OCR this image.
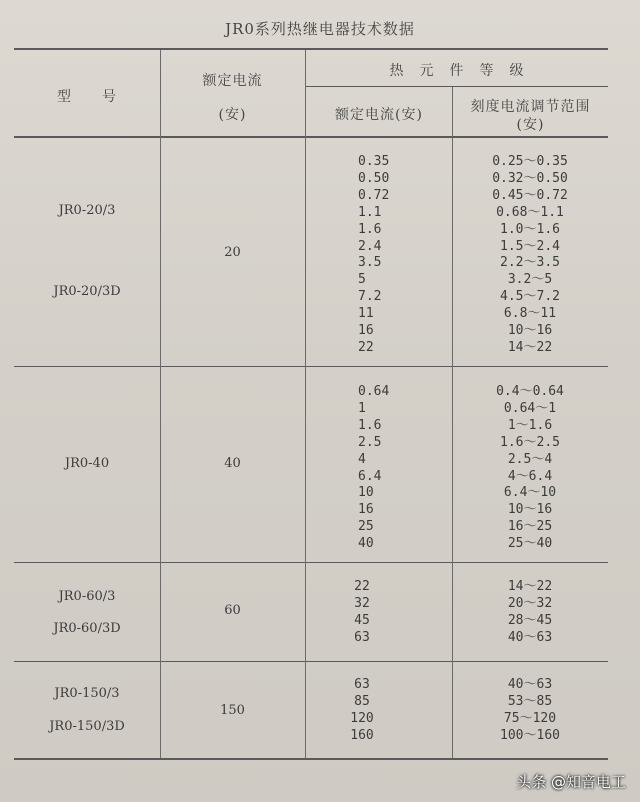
JR0系列热继电器技术数据
型　　号
额定电流
(安)
热　元　件　等　级
额定电流(安)	刻度电流调节范围
(安)
JR0-20/3
JR0-20/3D
20
0.35
0.50
0.72
1.1
1.6
2.4
3.5
5
7.2
11
16
22
0.25～0.35
0.32～0.50
0.45～0.72
0.68～1.1
1.0～1.6
1.5～2.4
2.2～3.5
3.2～5
4.5～7.2
6.8～11
10～16
14～22
JR0-40	40
0.64
1
1.6
2.5
4
6.4
10
16
25
40
0.4～0.64
0.64～1
1～1.6
1.6～2.5
2.5～4
4～6.4
6.4～10
10～16
16～25
25～40
JR0-60/3
JR0-60/3D
60
22
32
45
63
14～22
20～32
28～45
40～63
JR0-150/3
JR0-150/3D
150
63
85
120
160
40～63
53～85
75～120
100～160
头条 @知音电工
